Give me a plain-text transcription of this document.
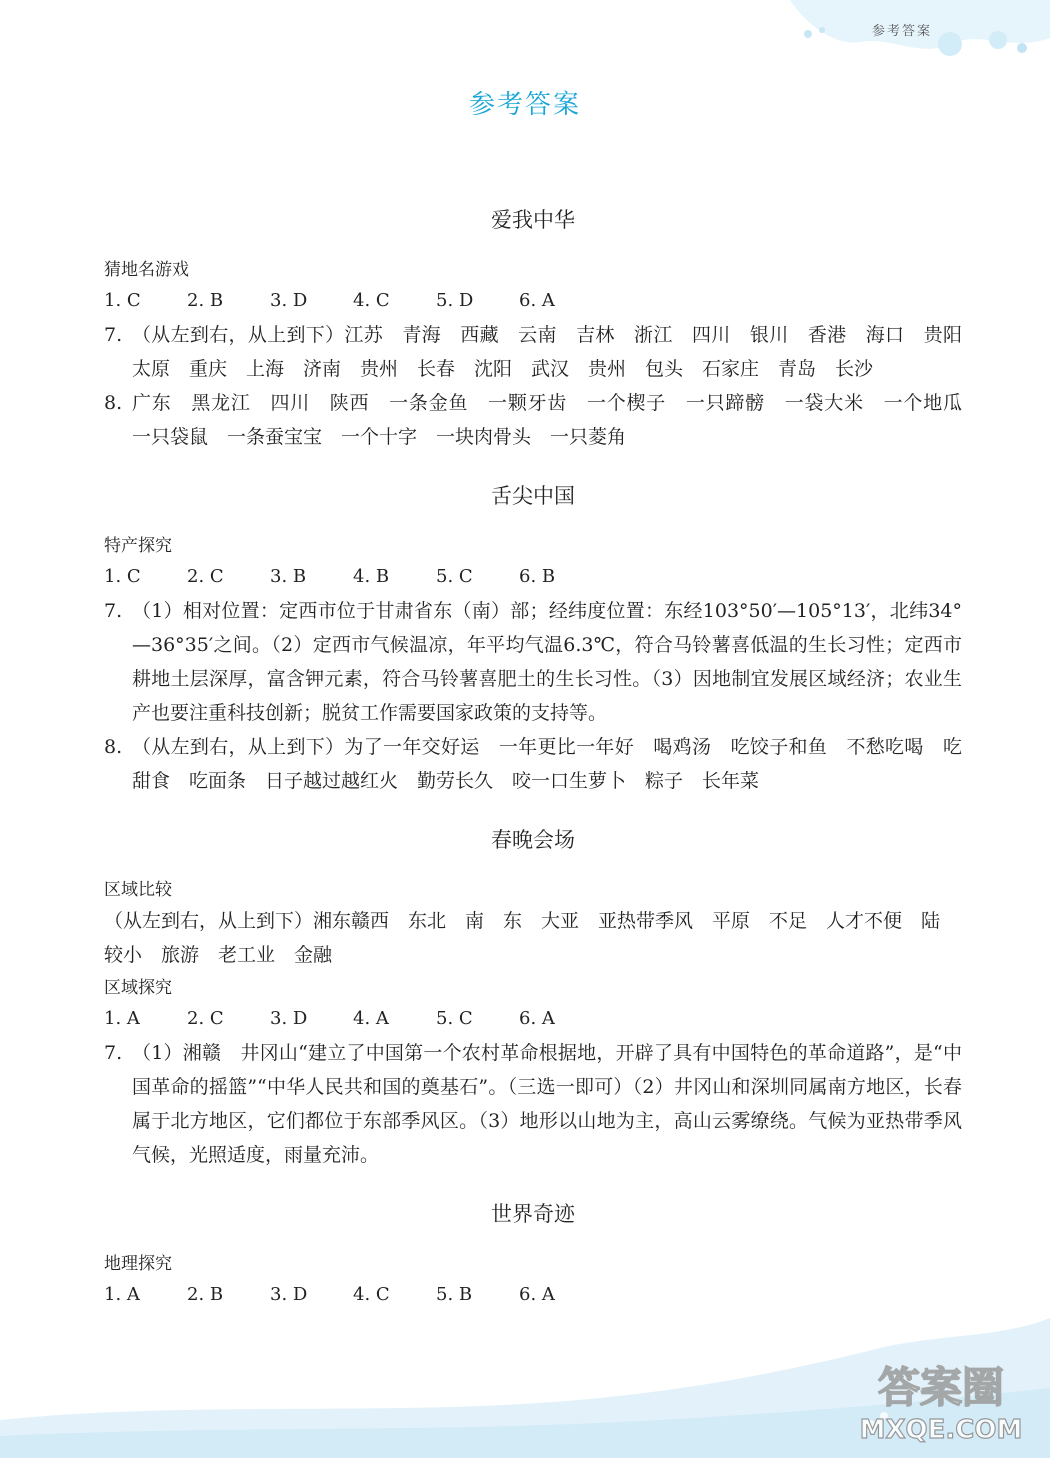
参考答案
参考答案
爱我中华
猜地名游戏
1. C	2. B	3. D	4. C	5. D	6. A
7. （从左到右，从上到下）江苏　青海　西藏　云南　吉林　浙江　四川　银川　香港　海口　贵阳　太原　重庆　上海　济南　贵州　长春　沈阳　武汉　贵州　包头　石家庄　青岛　长沙
8. 广东　黑龙江　四川　陕西　一条金鱼　一颗牙齿　一个楔子　一只蹄髈　一袋大米　一个地瓜　一只袋鼠　一条蚕宝宝　一个十字　一块肉骨头　一只菱角
舌尖中国
特产探究
1. C	2. C	3. B	4. B	5. C	6. B
7. （1）相对位置：定西市位于甘肃省东（南）部；经纬度位置：东经103°50′—105°13′，北纬34°—36°35′之间。（2）定西市气候温凉，年平均气温6.3℃，符合马铃薯喜低温的生长习性；定西市耕地土层深厚，富含钾元素，符合马铃薯喜肥土的生长习性。（3）因地制宜发展区域经济；农业生产也要注重科技创新；脱贫工作需要国家政策的支持等。
8. （从左到右，从上到下）为了一年交好运　一年更比一年好　喝鸡汤　吃饺子和鱼　不愁吃喝　吃甜食　吃面条　日子越过越红火　勤劳长久　咬一口生萝卜　粽子　长年菜
春晚会场
区域比较
（从左到右，从上到下）湘东赣西　东北　南　东　大亚　亚热带季风　平原　不足　人才不便　陆　较小　旅游　老工业　金融
区域探究
1. A	2. C	3. D	4. A	5. C	6. A
7. （1）湘赣　井冈山“建立了中国第一个农村革命根据地，开辟了具有中国特色的革命道路”，是“中国革命的摇篮”“中华人民共和国的奠基石”。（三选一即可）（2）井冈山和深圳同属南方地区，长春属于北方地区，它们都位于东部季风区。（3）地形以山地为主，高山云雾缭绕。气候为亚热带季风气候，光照适度，雨量充沛。
世界奇迹
地理探究
1. A	2. B	3. D	4. C	5. B	6. A
答案圈
MXQE.COM
